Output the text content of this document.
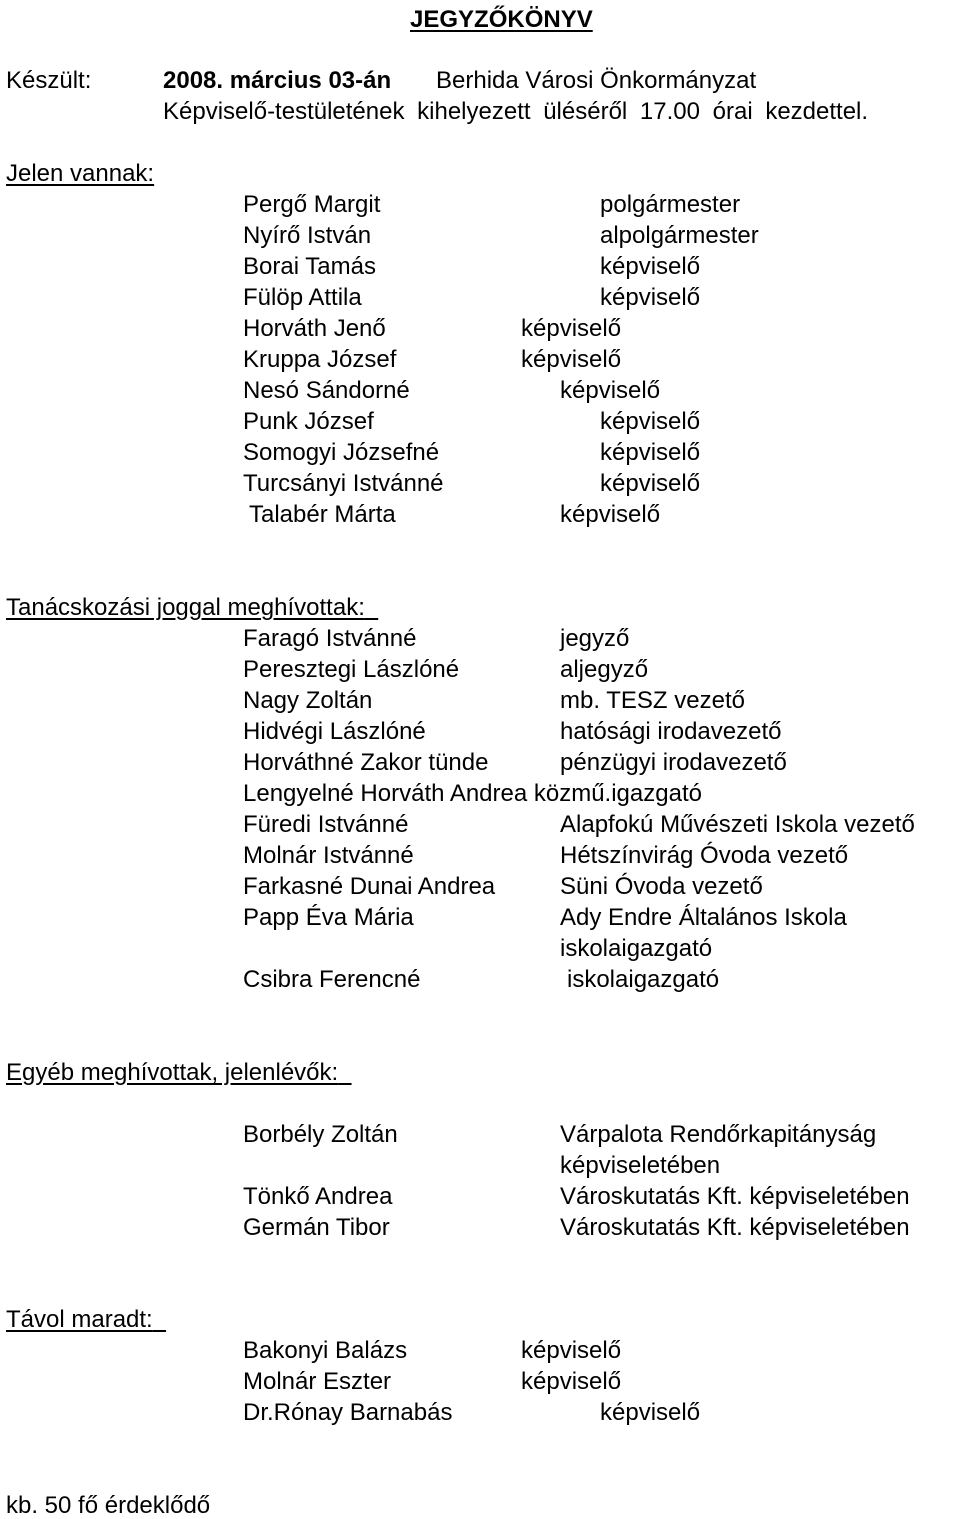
JEGYZŐKÖNYV
Készült:	2008. március 03-án Berhida Városi Önkormányzat
Képviselő-testületének kihelyezett üléséről 17.00 órai kezdettel.
Jelen vannak:
Pergő Margit	polgármester
Nyírő István	alpolgármester
Borai Tamás	képviselő
Fülöp Attila	képviselő
Horváth Jenő	képviselő
Kruppa József	képviselő
Nesó Sándorné	képviselő
Punk József	képviselő
Somogyi Józsefné	képviselő
Turcsányi Istvánné	képviselő
Talabér Márta	képviselő
Tanácskozási joggal meghívottak:
Faragó Istvánné	jegyző
Peresztegi Lászlóné	aljegyző
Nagy Zoltán	mb. TESZ vezető
Hidvégi Lászlóné	hatósági irodavezető
Horváthné Zakor tünde	pénzügyi irodavezető
Lengyelné Horváth Andrea közmű.igazgató
Füredi Istvánné	Alapfokú Művészeti Iskola vezető
Molnár Istvánné	Hétszínvirág Óvoda vezető
Farkasné Dunai Andrea	Süni Óvoda vezető
Papp Éva Mária	Ady Endre Általános Iskola
iskolaigazgató
Csibra Ferencné	iskolaigazgató
Egyéb meghívottak, jelenlévők:
Borbély Zoltán	Várpalota Rendőrkapitányság
képviseletében
Tönkő Andrea	Városkutatás Kft. képviseletében
Germán Tibor	Városkutatás Kft. képviseletében
Távol maradt:
Bakonyi Balázs	képviselő
Molnár Eszter	képviselő
Dr.Rónay Barnabás	képviselő
kb. 50 fő érdeklődő
